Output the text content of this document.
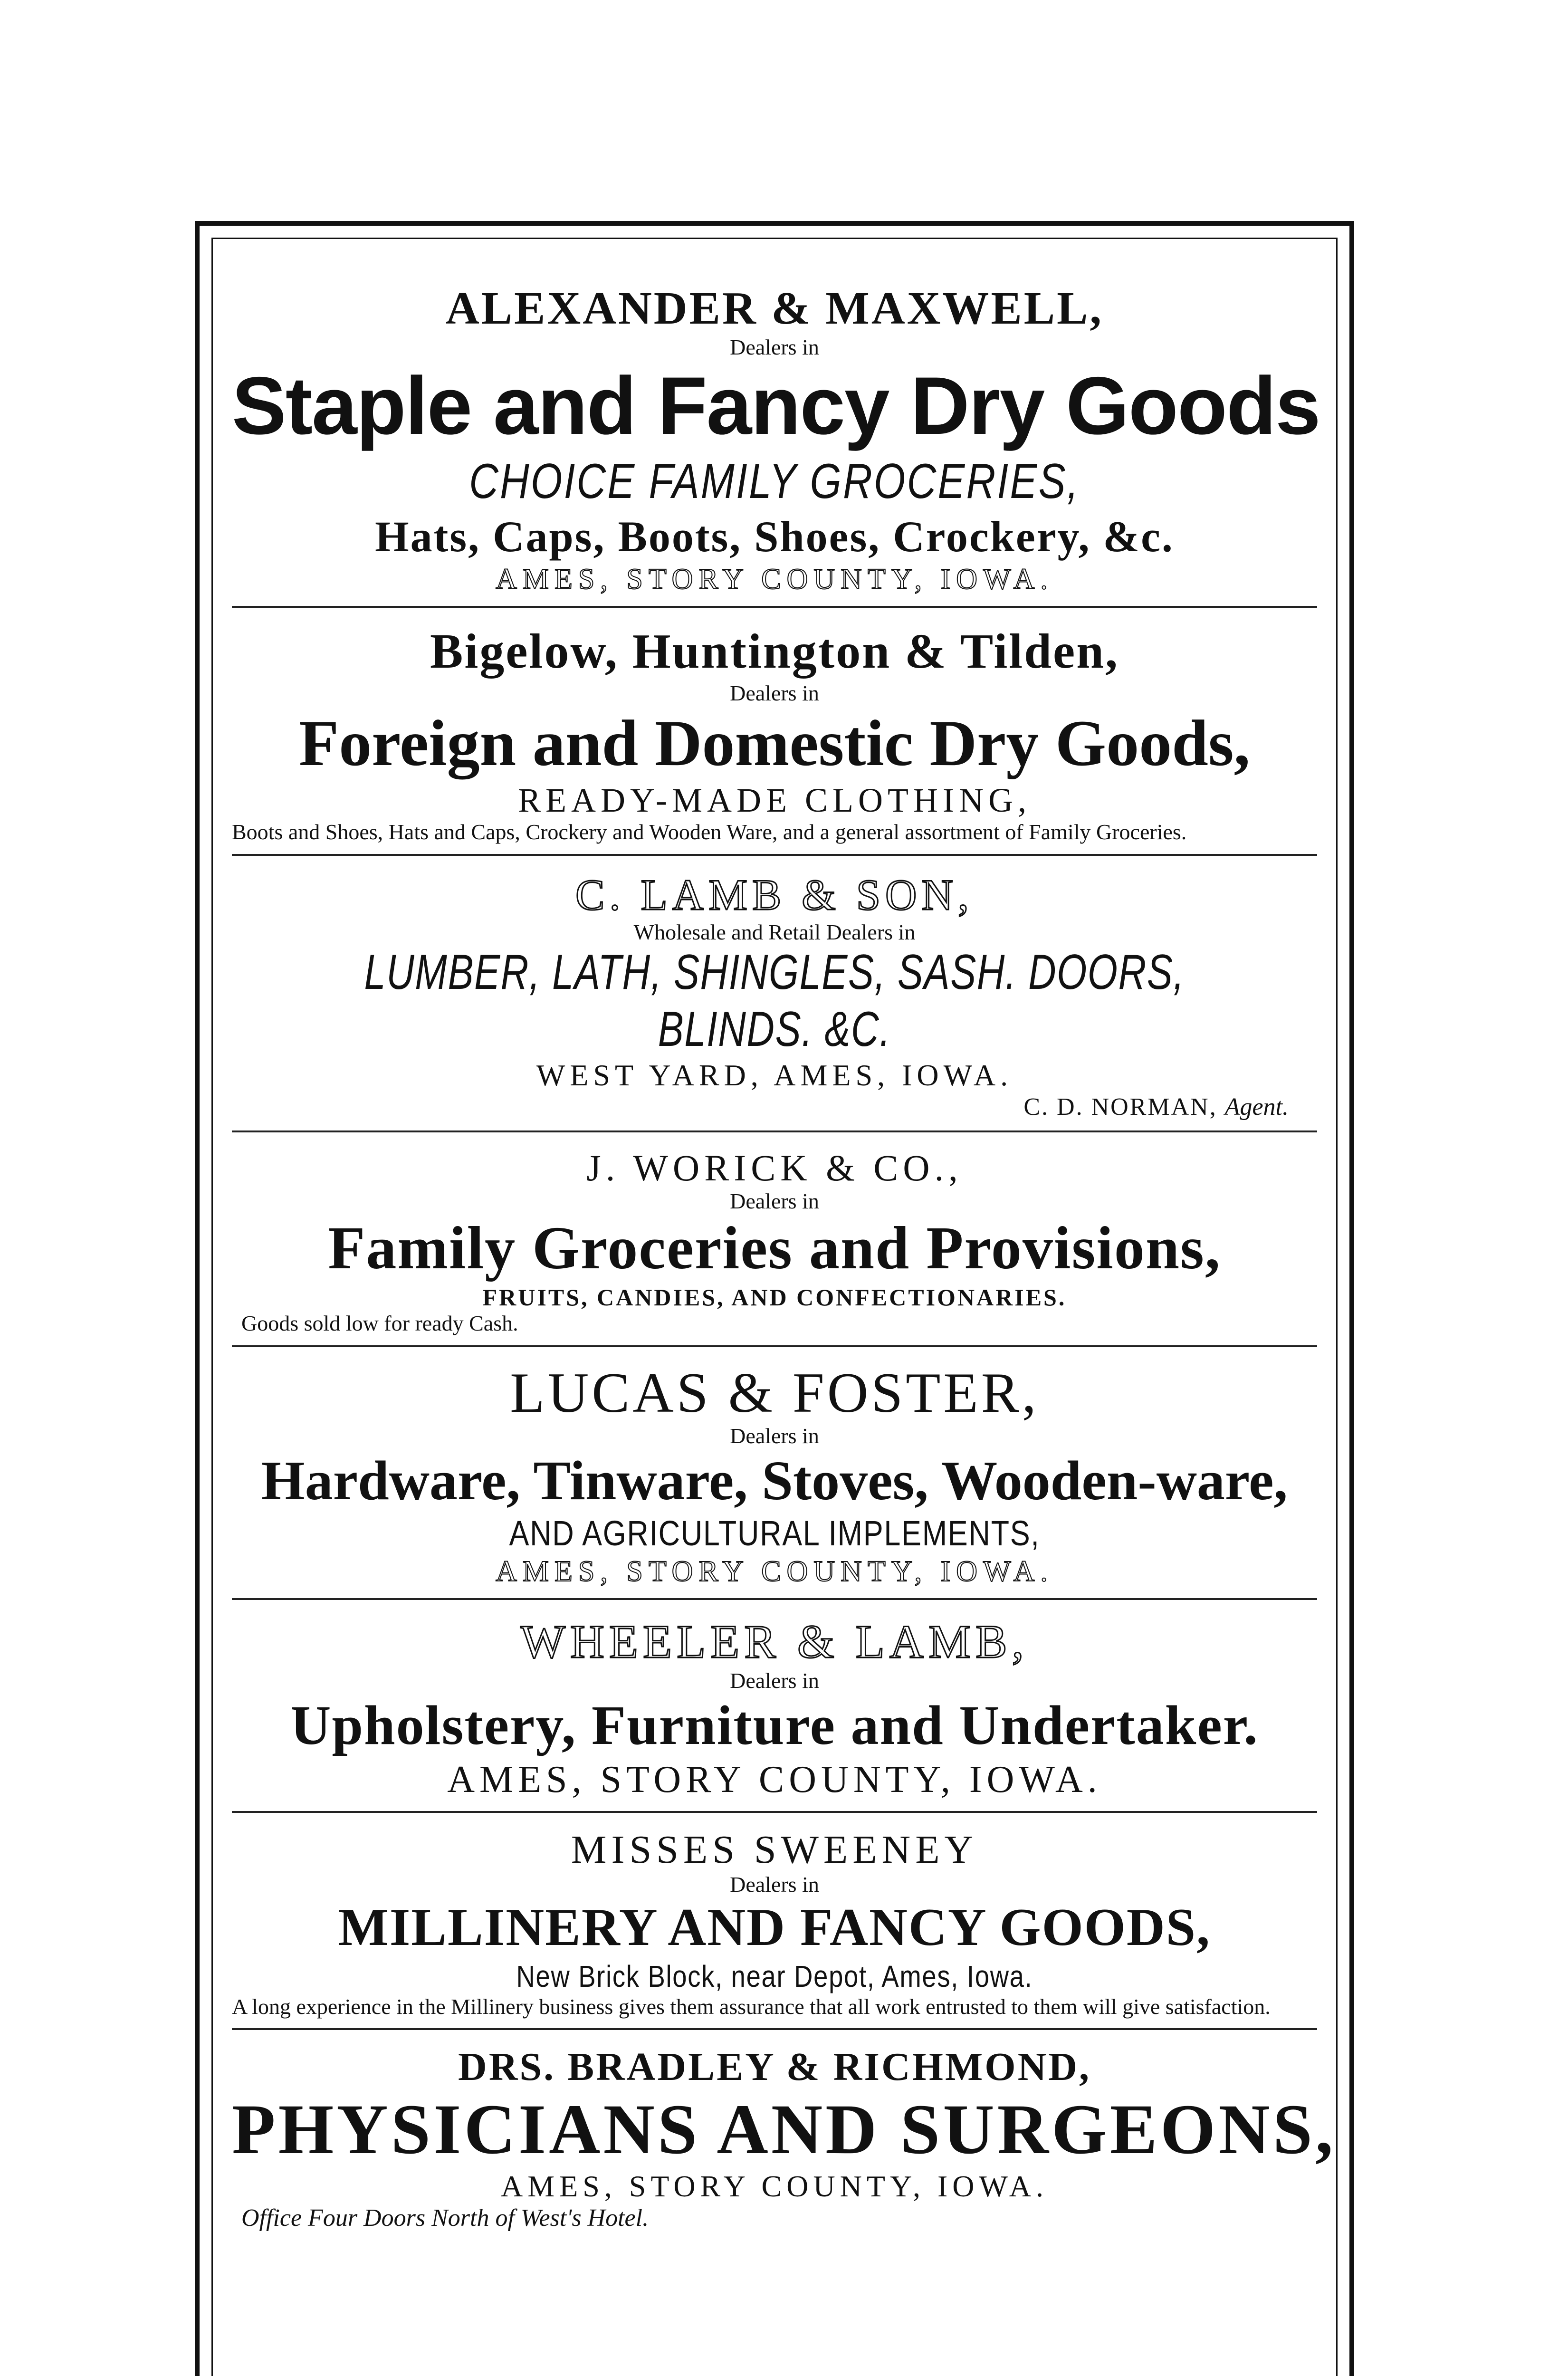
ALEXANDER & MAXWELL,
Dealers in
Staple and Fancy Dry Goods
CHOICE FAMILY GROCERIES,
Hats, Caps, Boots, Shoes, Crockery, &c.
AMES, STORY COUNTY, IOWA.
Bigelow, Huntington & Tilden,
Dealers in
Foreign and Domestic Dry Goods,
READY-MADE CLOTHING,
Boots and Shoes, Hats and Caps, Crockery and Wooden Ware, and a general assortment of Family Groceries.
C. LAMB & SON,
Wholesale and Retail Dealers in
LUMBER, LATH, SHINGLES, SASH. DOORS, BLINDS. &C.
WEST YARD, AMES, IOWA.
C. D. NORMAN, Agent.
J. WORICK & CO.,
Dealers in
Family Groceries and Provisions,
FRUITS, CANDIES, AND CONFECTIONARIES.
Goods sold low for ready Cash.
LUCAS & FOSTER,
Dealers in
Hardware, Tinware, Stoves, Wooden-ware,
AND AGRICULTURAL IMPLEMENTS,
AMES, STORY COUNTY, IOWA.
WHEELER & LAMB,
Dealers in
Upholstery, Furniture and Undertaker.
AMES, STORY COUNTY, IOWA.
MISSES SWEENEY
Dealers in
MILLINERY AND FANCY GOODS,
New Brick Block, near Depot, Ames, Iowa.
A long experience in the Millinery business gives them assurance that all work entrusted to them will give satisfaction.
DRS. BRADLEY & RICHMOND,
PHYSICIANS AND SURGEONS,
AMES, STORY COUNTY, IOWA.
Office Four Doors North of West's Hotel.
